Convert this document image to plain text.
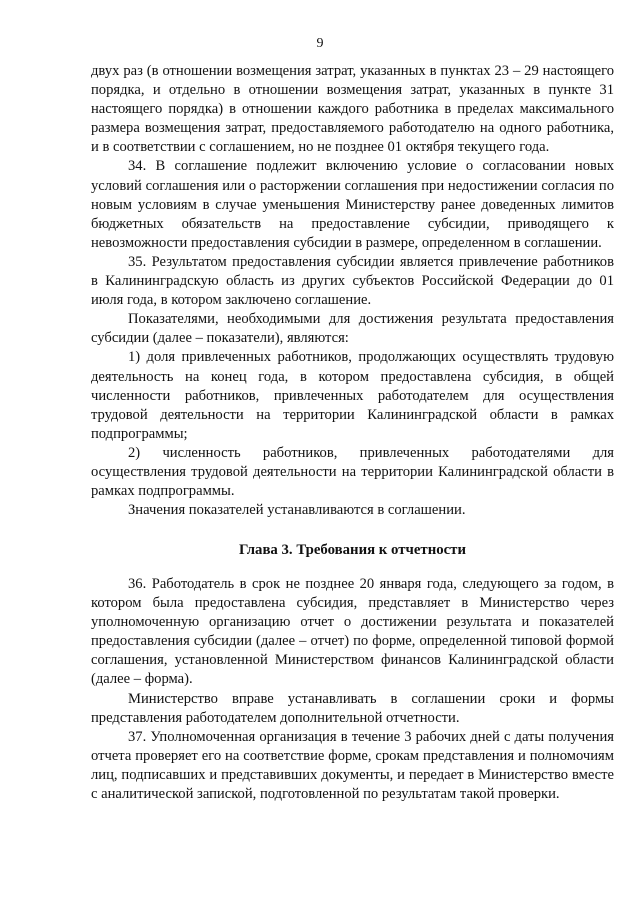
9

двух раз (в отношении возмещения затрат, указанных в пунктах 23 – 29 настоящего порядка, и отдельно в отношении возмещения затрат, указанных в пункте 31 настоящего порядка) в отношении каждого работника в пределах максимального размера возмещения затрат, предоставляемого работодателю на одного работника, и в соответствии с соглашением, но не позднее 01 октября текущего года.

34. В соглашение подлежит включению условие о согласовании новых условий соглашения или о расторжении соглашения при недостижении согласия по новым условиям в случае уменьшения Министерству ранее доведенных лимитов бюджетных обязательств на предоставление субсидии, приводящего к невозможности предоставления субсидии в размере, определенном в соглашении.

35. Результатом предоставления субсидии является привлечение работников в Калининградскую область из других субъектов Российской Федерации до 01 июля года, в котором заключено соглашение.

Показателями, необходимыми для достижения результата предоставления субсидии (далее – показатели), являются:

1) доля привлеченных работников, продолжающих осуществлять трудовую деятельность на конец года, в котором предоставлена субсидия, в общей численности работников, привлеченных работодателем для осуществления трудовой деятельности на территории Калининградской области в рамках подпрограммы;

2) численность работников, привлеченных работодателями для осуществления трудовой деятельности на территории Калининградской области в рамках подпрограммы.

Значения показателей устанавливаются в соглашении.

Глава 3. Требования к отчетности

36. Работодатель в срок не позднее 20 января года, следующего за годом, в котором была предоставлена субсидия, представляет в Министерство через уполномоченную организацию отчет о достижении результата и показателей предоставления субсидии (далее – отчет) по форме, определенной типовой формой соглашения, установленной Министерством финансов Калининградской области (далее – форма).

Министерство вправе устанавливать в соглашении сроки и формы представления работодателем дополнительной отчетности.

37. Уполномоченная организация в течение 3 рабочих дней с даты получения отчета проверяет его на соответствие форме, срокам представления и полномочиям лиц, подписавших и представивших документы, и передает в Министерство вместе с аналитической запиской, подготовленной по результатам такой проверки.
